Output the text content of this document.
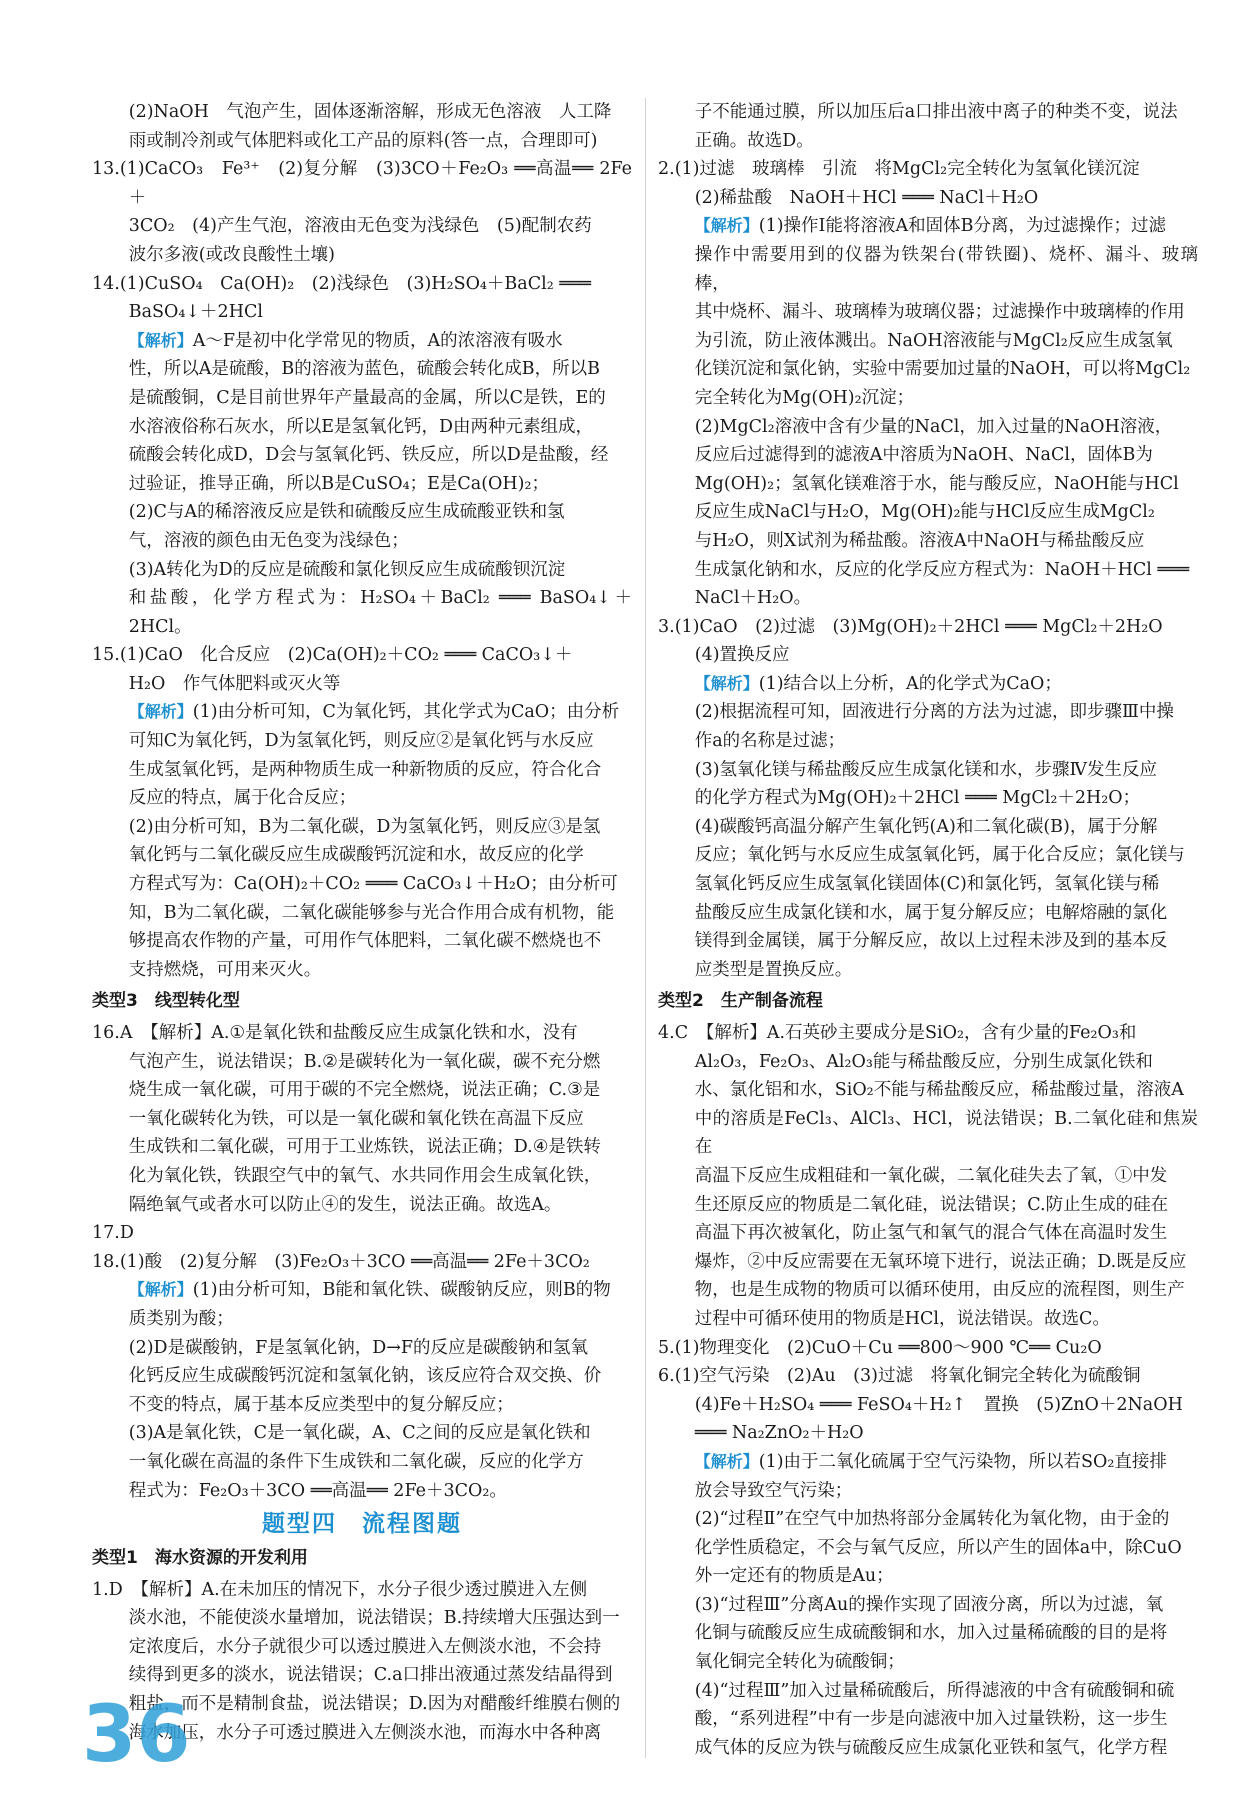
(2)NaOH　气泡产生，固体逐渐溶解，形成无色溶液　人工降
雨或制冷剂或气体肥料或化工产品的原料(答一点，合理即可)
13.(1)CaCO₃　Fe³⁺　(2)复分解　(3)3CO＋Fe₂O₃ ══高温══ 2Fe＋
3CO₂　(4)产生气泡，溶液由无色变为浅绿色　(5)配制农药
波尔多液(或改良酸性土壤)
14.(1)CuSO₄　Ca(OH)₂　(2)浅绿色　(3)H₂SO₄＋BaCl₂ ═══
BaSO₄↓＋2HCl
【解析】A～F是初中化学常见的物质，A的浓溶液有吸水
性，所以A是硫酸，B的溶液为蓝色，硫酸会转化成B，所以B
是硫酸铜，C是目前世界年产量最高的金属，所以C是铁，E的
水溶液俗称石灰水，所以E是氢氧化钙，D由两种元素组成，
硫酸会转化成D，D会与氢氧化钙、铁反应，所以D是盐酸，经
过验证，推导正确，所以B是CuSO₄；E是Ca(OH)₂；
(2)C与A的稀溶液反应是铁和硫酸反应生成硫酸亚铁和氢
气，溶液的颜色由无色变为浅绿色；
(3)A转化为D的反应是硫酸和氯化钡反应生成硫酸钡沉淀
和盐酸，化学方程式为：H₂SO₄＋BaCl₂ ═══ BaSO₄↓＋2HCl。
15.(1)CaO　化合反应　(2)Ca(OH)₂＋CO₂ ═══ CaCO₃↓＋
H₂O　作气体肥料或灭火等
【解析】(1)由分析可知，C为氧化钙，其化学式为CaO；由分析
可知C为氧化钙，D为氢氧化钙，则反应②是氧化钙与水反应
生成氢氧化钙，是两种物质生成一种新物质的反应，符合化合
反应的特点，属于化合反应；
(2)由分析可知，B为二氧化碳，D为氢氧化钙，则反应③是氢
氧化钙与二氧化碳反应生成碳酸钙沉淀和水，故反应的化学
方程式写为：Ca(OH)₂＋CO₂ ═══ CaCO₃↓＋H₂O；由分析可
知，B为二氧化碳，二氧化碳能够参与光合作用合成有机物，能
够提高农作物的产量，可用作气体肥料，二氧化碳不燃烧也不
支持燃烧，可用来灭火。
类型3　线型转化型
16.A　【解析】A.①是氧化铁和盐酸反应生成氯化铁和水，没有
气泡产生，说法错误；B.②是碳转化为一氧化碳，碳不充分燃
烧生成一氧化碳，可用于碳的不完全燃烧，说法正确；C.③是
一氧化碳转化为铁，可以是一氧化碳和氧化铁在高温下反应
生成铁和二氧化碳，可用于工业炼铁，说法正确；D.④是铁转
化为氧化铁，铁跟空气中的氧气、水共同作用会生成氧化铁，
隔绝氧气或者水可以防止④的发生，说法正确。故选A。
17.D
18.(1)酸　(2)复分解　(3)Fe₂O₃＋3CO ══高温══ 2Fe＋3CO₂
【解析】(1)由分析可知，B能和氧化铁、碳酸钠反应，则B的物
质类别为酸；
(2)D是碳酸钠，F是氢氧化钠，D→F的反应是碳酸钠和氢氧
化钙反应生成碳酸钙沉淀和氢氧化钠，该反应符合双交换、价
不变的特点，属于基本反应类型中的复分解反应；
(3)A是氧化铁，C是一氧化碳，A、C之间的反应是氧化铁和
一氧化碳在高温的条件下生成铁和二氧化碳，反应的化学方
程式为：Fe₂O₃＋3CO ══高温══ 2Fe＋3CO₂。
题型四　流程图题
类型1　海水资源的开发利用
1.D　【解析】A.在未加压的情况下，水分子很少透过膜进入左侧
淡水池，不能使淡水量增加，说法错误；B.持续增大压强达到一
定浓度后，水分子就很少可以透过膜进入左侧淡水池，不会持
续得到更多的淡水，说法错误；C.a口排出液通过蒸发结晶得到
粗盐，而不是精制食盐，说法错误；D.因为对醋酸纤维膜右侧的
海水加压，水分子可透过膜进入左侧淡水池，而海水中各种离
子不能通过膜，所以加压后a口排出液中离子的种类不变，说法
正确。故选D。
2.(1)过滤　玻璃棒　引流　将MgCl₂完全转化为氢氧化镁沉淀
(2)稀盐酸　NaOH＋HCl ═══ NaCl＋H₂O
【解析】(1)操作Ⅰ能将溶液A和固体B分离，为过滤操作；过滤
操作中需要用到的仪器为铁架台(带铁圈)、烧杯、漏斗、玻璃棒，
其中烧杯、漏斗、玻璃棒为玻璃仪器；过滤操作中玻璃棒的作用
为引流，防止液体溅出。NaOH溶液能与MgCl₂反应生成氢氧
化镁沉淀和氯化钠，实验中需要加过量的NaOH，可以将MgCl₂
完全转化为Mg(OH)₂沉淀；
(2)MgCl₂溶液中含有少量的NaCl，加入过量的NaOH溶液，
反应后过滤得到的滤液A中溶质为NaOH、NaCl，固体B为
Mg(OH)₂；氢氧化镁难溶于水，能与酸反应，NaOH能与HCl
反应生成NaCl与H₂O，Mg(OH)₂能与HCl反应生成MgCl₂
与H₂O，则X试剂为稀盐酸。溶液A中NaOH与稀盐酸反应
生成氯化钠和水，反应的化学反应方程式为：NaOH＋HCl ═══
NaCl＋H₂O。
3.(1)CaO　(2)过滤　(3)Mg(OH)₂＋2HCl ═══ MgCl₂＋2H₂O
(4)置换反应
【解析】(1)结合以上分析，A的化学式为CaO；
(2)根据流程可知，固液进行分离的方法为过滤，即步骤Ⅲ中操
作a的名称是过滤；
(3)氢氧化镁与稀盐酸反应生成氯化镁和水，步骤Ⅳ发生反应
的化学方程式为Mg(OH)₂＋2HCl ═══ MgCl₂＋2H₂O；
(4)碳酸钙高温分解产生氧化钙(A)和二氧化碳(B)，属于分解
反应；氧化钙与水反应生成氢氧化钙，属于化合反应；氯化镁与
氢氧化钙反应生成氢氧化镁固体(C)和氯化钙，氢氧化镁与稀
盐酸反应生成氯化镁和水，属于复分解反应；电解熔融的氯化
镁得到金属镁，属于分解反应，故以上过程未涉及到的基本反
应类型是置换反应。
类型2　生产制备流程
4.C　【解析】A.石英砂主要成分是SiO₂，含有少量的Fe₂O₃和
Al₂O₃，Fe₂O₃、Al₂O₃能与稀盐酸反应，分别生成氯化铁和
水、氯化铝和水，SiO₂不能与稀盐酸反应，稀盐酸过量，溶液A
中的溶质是FeCl₃、AlCl₃、HCl，说法错误；B.二氧化硅和焦炭在
高温下反应生成粗硅和一氧化碳，二氧化硅失去了氧，①中发
生还原反应的物质是二氧化硅，说法错误；C.防止生成的硅在
高温下再次被氧化，防止氢气和氧气的混合气体在高温时发生
爆炸，②中反应需要在无氧环境下进行，说法正确；D.既是反应
物，也是生成物的物质可以循环使用，由反应的流程图，则生产
过程中可循环使用的物质是HCl，说法错误。故选C。
5.(1)物理变化　(2)CuO＋Cu ══800～900 ℃══ Cu₂O
6.(1)空气污染　(2)Au　(3)过滤　将氧化铜完全转化为硫酸铜
(4)Fe＋H₂SO₄ ═══ FeSO₄＋H₂↑　置换　(5)ZnO＋2NaOH
═══ Na₂ZnO₂＋H₂O
【解析】(1)由于二氧化硫属于空气污染物，所以若SO₂直接排
放会导致空气污染；
(2)“过程Ⅱ”在空气中加热将部分金属转化为氧化物，由于金的
化学性质稳定，不会与氧气反应，所以产生的固体a中，除CuO
外一定还有的物质是Au；
(3)“过程Ⅲ”分离Au的操作实现了固液分离，所以为过滤，氧
化铜与硫酸反应生成硫酸铜和水，加入过量稀硫酸的目的是将
氧化铜完全转化为硫酸铜；
(4)“过程Ⅲ”加入过量稀硫酸后，所得滤液的中含有硫酸铜和硫
酸，“系列进程”中有一步是向滤液中加入过量铁粉，这一步生
成气体的反应为铁与硫酸反应生成氯化亚铁和氢气，化学方程
36
